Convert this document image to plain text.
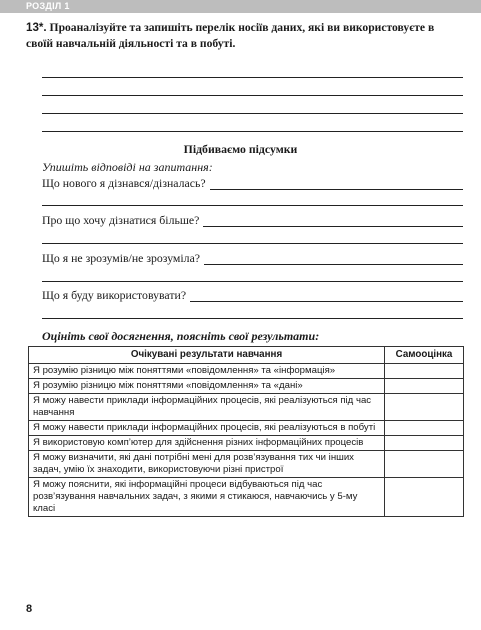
РОЗДІЛ 1

13*. Проаналізуйте та запишіть перелік носіїв даних, які ви використовуєте в своїй навчальній діяльності та в побуті.

Підбиваємо підсумки

Упишіть відповіді на запитання:

Що нового я дізнався/дізналась?
Про що хочу дізнатися більше?
Що я не зрозумів/не зрозуміла?
Що я буду використовувати?

Оцініть свої досягнення, поясніть свої результати:

Очікувані результати навчання	Самооцінка
Я розумію різницю між поняттями «повідомлення» та «інформація»	
Я розумію різницю між поняттями «повідомлення» та «дані»	
Я можу навести приклади інформаційних процесів, які реалізуються під час навчання	
Я можу навести приклади інформаційних процесів, які реалізуються в побуті	
Я використовую комп’ютер для здійснення різних інформаційних процесів	
Я можу визначити, які дані потрібні мені для розв’язування тих чи інших задач, умію їх знаходити, використовуючи різні пристрої	
Я можу пояснити, які інформаційні процеси відбуваються під час розв’язування навчальних задач, з якими я стикаюся, навчаючись у 5-му класі	
8
